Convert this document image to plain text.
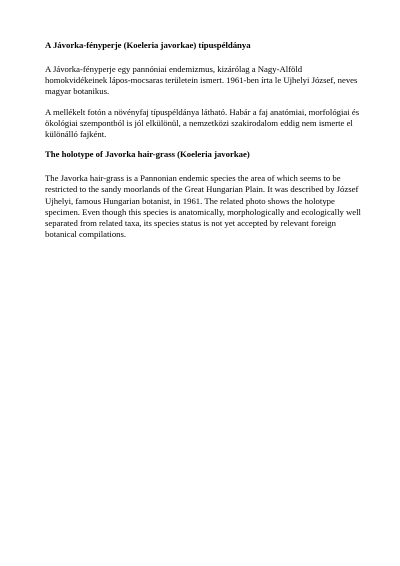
A Jávorka-fényperje (Koeleria javorkae) típuspéldánya

A Jávorka-fényperje egy pannóniai endemizmus, kizárólag a Nagy-Alföld homokvidékeinek lápos-mocsaras területein ismert. 1961-ben írta le Ujhelyi József, neves magyar botanikus.

A mellékelt fotón a növényfaj típuspéldánya látható. Habár a faj anatómiai, morfológiai és ökológiai szempontból is jól elkülönül, a nemzetközi szakirodalom eddig nem ismerte el különálló fajként.

The holotype of Javorka hair-grass (Koeleria javorkae)

The Javorka hair-grass is a Pannonian endemic species the area of which seems to be restricted to the sandy moorlands of the Great Hungarian Plain. It was described by József Ujhelyi, famous Hungarian botanist, in 1961. The related photo shows the holotype specimen. Even though this species is anatomically, morphologically and ecologically well separated from related taxa, its species status is not yet accepted by relevant foreign botanical compilations.
